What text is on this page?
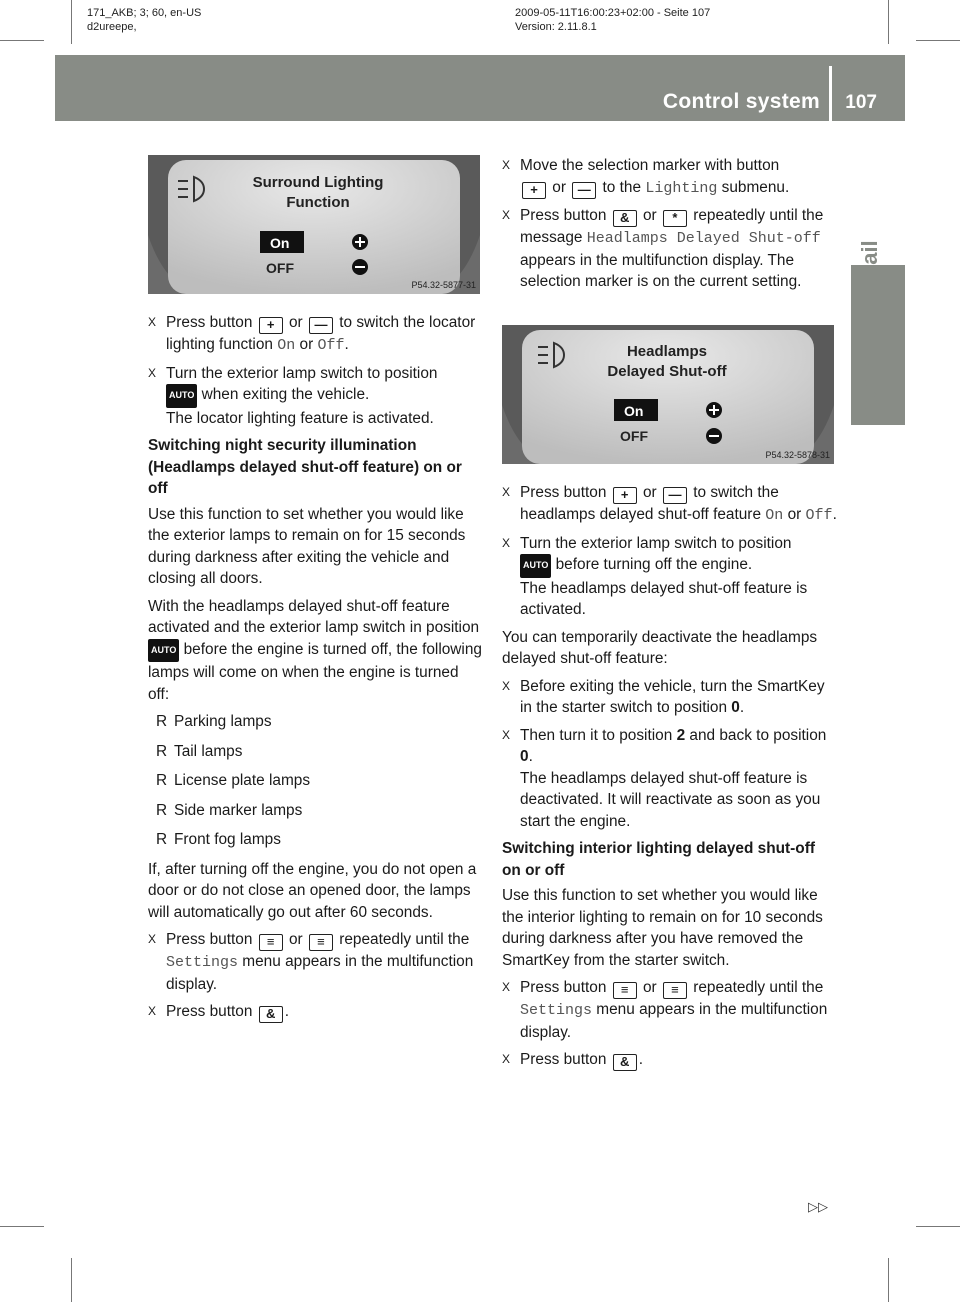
171_AKB; 3; 60, en-US
d2ureepe,
2009-05-11T16:00:23+02:00 - Seite 107
Version: 2.11.8.1
Control system 107
Controls in detail
Surround Lighting
Function
On
OFF
P54.32-5877-31
Headlamps
Delayed Shut-off
On
OFF
P54.32-5878-31
X Press button + or — to switch the locator lighting function On or Off.
X Turn the exterior lamp switch to position
AUTO when exiting the vehicle.
The locator lighting feature is activated.
Switching night security illumination (Headlamps delayed shut-off feature) on or off

Use this function to set whether you would like the exterior lamps to remain on for 15 seconds during darkness after exiting the vehicle and closing all doors.

With the headlamps delayed shut-off feature activated and the exterior lamp switch in position AUTO before the engine is turned off, the following lamps will come on when the engine is turned off:

R Parking lamps
R Tail lamps
R License plate lamps
R Side marker lamps
R Front fog lamps

If, after turning off the engine, you do not open a door or do not close an opened door, the lamps will automatically go out after 60 seconds.

X Press button ≡ or ≡ repeatedly until the Settings menu appears in the multifunction display.
X Press button & .
X Move the selection marker with button
+ or — to the Lighting submenu.
X Press button & or * repeatedly until the message Headlamps Delayed Shut-off appears in the multifunction display. The selection marker is on the current setting.
X Press button + or — to switch the headlamps delayed shut-off feature On or Off.
X Turn the exterior lamp switch to position
AUTO before turning off the engine.
The headlamps delayed shut-off feature is activated.

You can temporarily deactivate the headlamps delayed shut-off feature:

X Before exiting the vehicle, turn the SmartKey in the starter switch to position 0.
X Then turn it to position 2 and back to position 0.
The headlamps delayed shut-off feature is deactivated. It will reactivate as soon as you start the engine.
Switching interior lighting delayed shut-off on or off

Use this function to set whether you would like the interior lighting to remain on for 10 seconds during darkness after you have removed the SmartKey from the starter switch.

X Press button ≡ or ≡ repeatedly until the Settings menu appears in the multifunction display.
X Press button & .
▷▷
